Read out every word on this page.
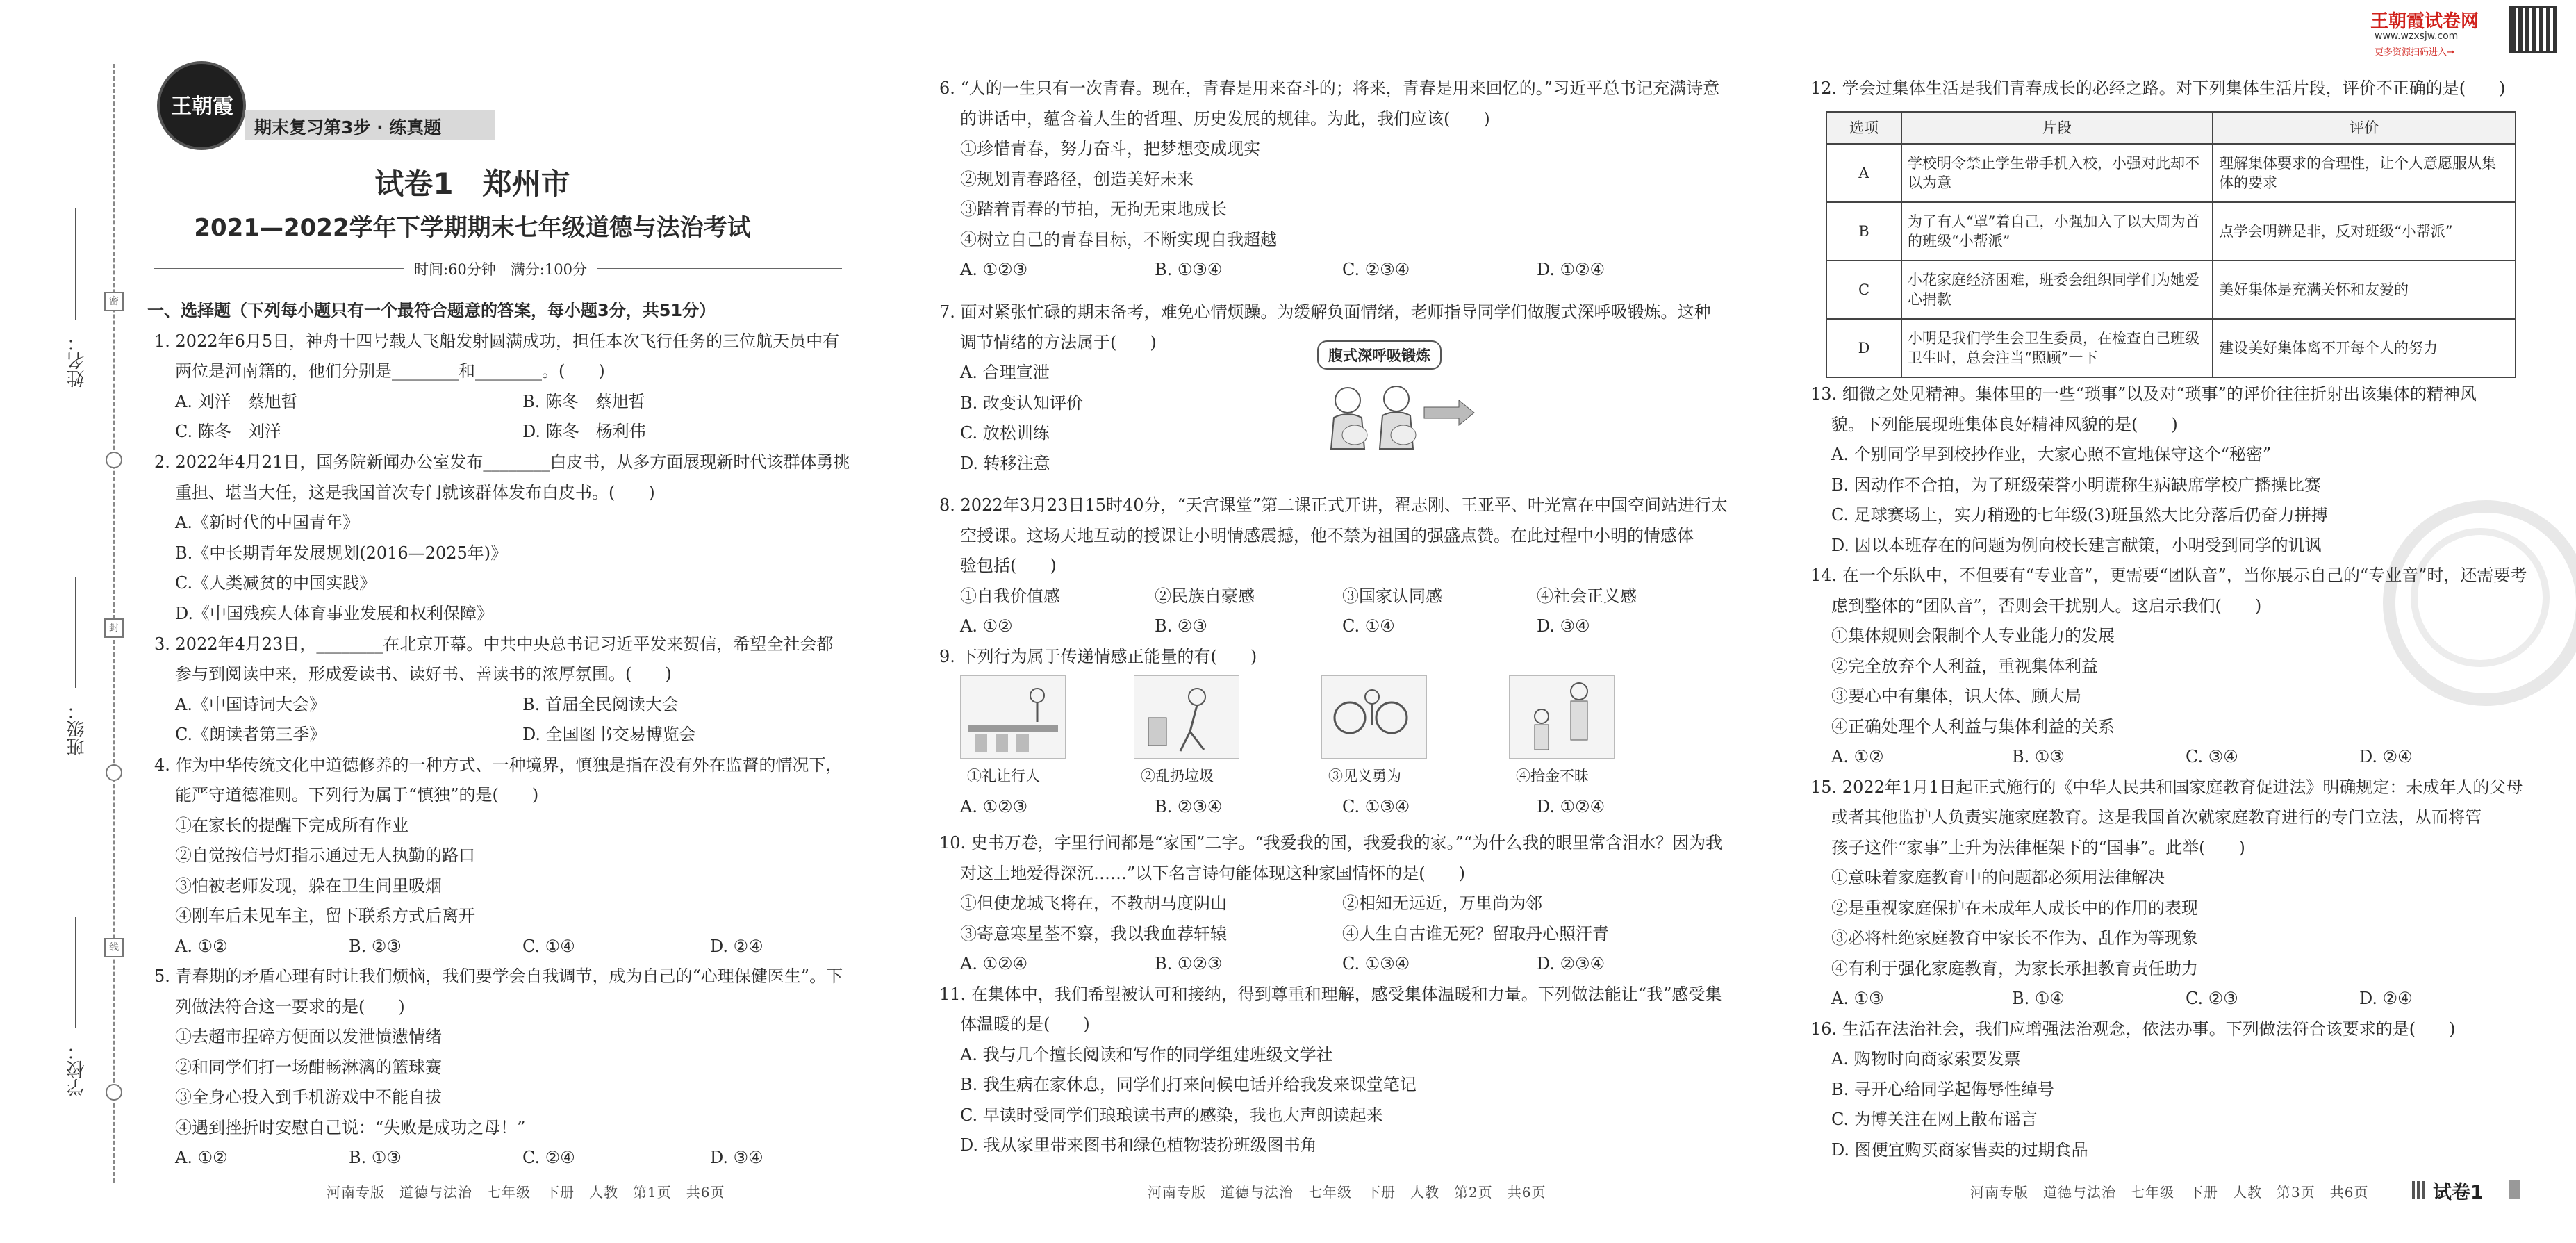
姓名：
班级：
学校：
密
封
线
王朝霞
期末复习第3步 · 练真题
试卷1　郑州市
2021—2022学年下学期期末七年级道德与法治考试
时间:60分钟　满分:100分
一、选择题（下列每小题只有一个最符合题意的答案，每小题3分，共51分）
1. 2022年6月5日，神舟十四号载人飞船发射圆满成功，担任本次飞行任务的三位航天员中有
两位是河南籍的，他们分别是________和________。(　　)
A. 刘洋　蔡旭哲	B. 陈冬　蔡旭哲
C. 陈冬　刘洋	D. 陈冬　杨利伟
2. 2022年4月21日，国务院新闻办公室发布________白皮书，从多方面展现新时代该群体勇挑
重担、堪当大任，这是我国首次专门就该群体发布白皮书。(　　)
A.《新时代的中国青年》
B.《中长期青年发展规划(2016—2025年)》
C.《人类减贫的中国实践》
D.《中国残疾人体育事业发展和权利保障》
3. 2022年4月23日，________在北京开幕。中共中央总书记习近平发来贺信，希望全社会都
参与到阅读中来，形成爱读书、读好书、善读书的浓厚氛围。(　　)
A.《中国诗词大会》	B. 首届全民阅读大会
C.《朗读者第三季》	D. 全国图书交易博览会
4. 作为中华传统文化中道德修养的一种方式、一种境界，慎独是指在没有外在监督的情况下，
能严守道德准则。下列行为属于“慎独”的是(　　)
①在家长的提醒下完成所有作业
②自觉按信号灯指示通过无人执勤的路口
③怕被老师发现，躲在卫生间里吸烟
④刚车后未见车主，留下联系方式后离开
A. ①②	B. ②③	C. ①④	D. ②④
5. 青春期的矛盾心理有时让我们烦恼，我们要学会自我调节，成为自己的“心理保健医生”。下
列做法符合这一要求的是(　　)
①去超市捏碎方便面以发泄愤懑情绪
②和同学们打一场酣畅淋漓的篮球赛
③全身心投入到手机游戏中不能自拔
④遇到挫折时安慰自己说：“失败是成功之母！”
A. ①②	B. ①③	C. ②④	D. ③④
河南专版　道德与法治　七年级　下册　人教　第1页　共6页
6. “人的一生只有一次青春。现在，青春是用来奋斗的；将来，青春是用来回忆的。”习近平总书记充满诗意
的讲话中，蕴含着人生的哲理、历史发展的规律。为此，我们应该(　　)
①珍惜青春，努力奋斗，把梦想变成现实
②规划青春路径，创造美好未来
③踏着青春的节拍，无拘无束地成长
④树立自己的青春目标，不断实现自我超越
A. ①②③	B. ①③④	C. ②③④	D. ①②④
7. 面对紧张忙碌的期末备考，难免心情烦躁。为缓解负面情绪，老师指导同学们做腹式深呼吸锻炼。这种
调节情绪的方法属于(　　)
A. 合理宣泄
B. 改变认知评价
C. 放松训练
D. 转移注意
腹式深呼吸锻炼
8. 2022年3月23日15时40分，“天宫课堂”第二课正式开讲，翟志刚、王亚平、叶光富在中国空间站进行太
空授课。这场天地互动的授课让小明情感震撼，他不禁为祖国的强盛点赞。在此过程中小明的情感体
验包括(　　)
①自我价值感	②民族自豪感	③国家认同感	④社会正义感
A. ①②	B. ②③	C. ①④	D. ③④
9. 下列行为属于传递情感正能量的有(　　)
①礼让行人	②乱扔垃圾	③见义勇为	④拾金不昧
A. ①②③	B. ②③④	C. ①③④	D. ①②④
10. 史书万卷，字里行间都是“家国”二字。“我爱我的国，我爱我的家。”“为什么我的眼里常含泪水？因为我
对这土地爱得深沉……”以下名言诗句能体现这种家国情怀的是(　　)
①但使龙城飞将在，不教胡马度阴山	②相知无远近，万里尚为邻
③寄意寒星荃不察，我以我血荐轩辕	④人生自古谁无死？留取丹心照汗青
A. ①②④	B. ①②③	C. ①③④	D. ②③④
11. 在集体中，我们希望被认可和接纳，得到尊重和理解，感受集体温暖和力量。下列做法能让“我”感受集
体温暖的是(　　)
A. 我与几个擅长阅读和写作的同学组建班级文学社
B. 我生病在家休息，同学们打来问候电话并给我发来课堂笔记
C. 早读时受同学们琅琅读书声的感染，我也大声朗读起来
D. 我从家里带来图书和绿色植物装扮班级图书角
河南专版　道德与法治　七年级　下册　人教　第2页　共6页
王朝霞试卷网
www.wzxsjw.com
更多资源扫码进入→
12. 学会过集体生活是我们青春成长的必经之路。对下列集体生活片段，评价不正确的是(　　)
选项	片段	评价
A	学校明令禁止学生带手机入校，小强对此却不以为意	理解集体要求的合理性，让个人意愿服从集体的要求
B	为了有人“罩”着自己，小强加入了以大周为首的班级“小帮派”	点学会明辨是非，反对班级“小帮派”
C	小花家庭经济困难，班委会组织同学们为她爱心捐款	美好集体是充满关怀和友爱的
D	小明是我们学生会卫生委员，在检查自己班级卫生时，总会注当“照顾”一下	建设美好集体离不开每个人的努力
13. 细微之处见精神。集体里的一些“琐事”以及对“琐事”的评价往往折射出该集体的精神风
貌。下列能展现班集体良好精神风貌的是(　　)
A. 个别同学早到校抄作业，大家心照不宣地保守这个“秘密”
B. 因动作不合拍，为了班级荣誉小明谎称生病缺席学校广播操比赛
C. 足球赛场上，实力稍逊的七年级(3)班虽然大比分落后仍奋力拼搏
D. 因以本班存在的问题为例向校长建言献策，小明受到同学的讥讽
14. 在一个乐队中，不但要有“专业音”，更需要“团队音”，当你展示自己的“专业音”时，还需要考
虑到整体的“团队音”，否则会干扰别人。这启示我们(　　)
①集体规则会限制个人专业能力的发展
②完全放弃个人利益，重视集体利益
③要心中有集体，识大体、顾大局
④正确处理个人利益与集体利益的关系
A. ①②	B. ①③	C. ③④	D. ②④
15. 2022年1月1日起正式施行的《中华人民共和国家庭教育促进法》明确规定：未成年人的父母
或者其他监护人负责实施家庭教育。这是我国首次就家庭教育进行的专门立法，从而将管
孩子这件“家事”上升为法律框架下的“国事”。此举(　　)
①意味着家庭教育中的问题都必须用法律解决
②是重视家庭保护在未成年人成长中的作用的表现
③必将杜绝家庭教育中家长不作为、乱作为等现象
④有利于强化家庭教育，为家长承担教育责任助力
A. ①③	B. ①④	C. ②③	D. ②④
16. 生活在法治社会，我们应增强法治观念，依法办事。下列做法符合该要求的是(　　)
A. 购物时向商家索要发票
B. 寻开心给同学起侮辱性绰号
C. 为博关注在网上散布谣言
D. 图便宜购买商家售卖的过期食品
河南专版　道德与法治　七年级　下册　人教　第3页　共6页	试卷1
